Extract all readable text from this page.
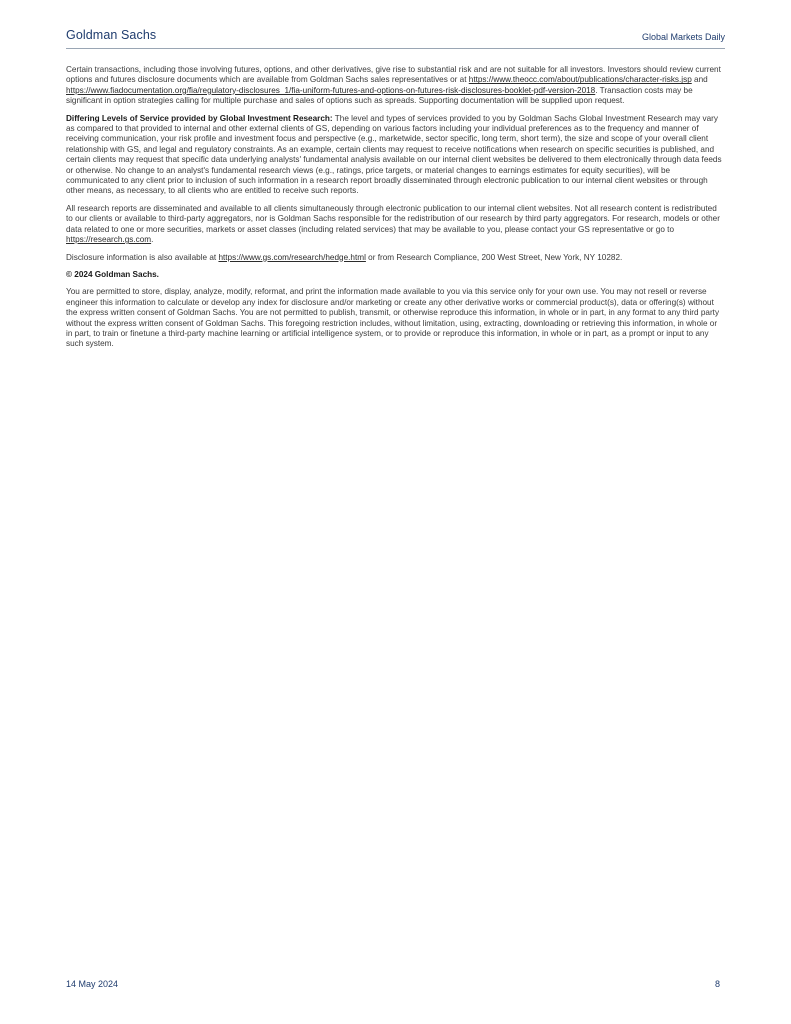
Goldman Sachs	Global Markets Daily

Certain transactions, including those involving futures, options, and other derivatives, give rise to substantial risk and are not suitable for all investors. Investors should review current options and futures disclosure documents which are available from Goldman Sachs sales representatives or at https://www.theocc.com/about/publications/character-risks.jsp and
https://www.fiadocumentation.org/fia/regulatory-disclosures_1/fia-uniform-futures-and-options-on-futures-risk-disclosures-booklet-pdf-version-2018. Transaction costs may be significant in option strategies calling for multiple purchase and sales of options such as spreads. Supporting documentation will be supplied upon request.

Differing Levels of Service provided by Global Investment Research: The level and types of services provided to you by Goldman Sachs Global Investment Research may vary as compared to that provided to internal and other external clients of GS, depending on various factors including your individual preferences as to the frequency and manner of receiving communication, your risk profile and investment focus and perspective (e.g., marketwide, sector specific, long term, short term), the size and scope of your overall client relationship with GS, and legal and regulatory constraints. As an example, certain clients may request to receive notifications when research on specific securities is published, and certain clients may request that specific data underlying analysts' fundamental analysis available on our internal client websites be delivered to them electronically through data feeds or otherwise. No change to an analyst's fundamental research views (e.g., ratings, price targets, or material changes to earnings estimates for equity securities), will be communicated to any client prior to inclusion of such information in a research report broadly disseminated through electronic publication to our internal client websites or through other means, as necessary, to all clients who are entitled to receive such reports.

All research reports are disseminated and available to all clients simultaneously through electronic publication to our internal client websites. Not all research content is redistributed to our clients or available to third-party aggregators, nor is Goldman Sachs responsible for the redistribution of our research by third party aggregators. For research, models or other data related to one or more securities, markets or asset classes (including related services) that may be available to you, please contact your GS representative or go to https://research.gs.com.

Disclosure information is also available at https://www.gs.com/research/hedge.html or from Research Compliance, 200 West Street, New York, NY 10282.

© 2024 Goldman Sachs.

You are permitted to store, display, analyze, modify, reformat, and print the information made available to you via this service only for your own use. You may not resell or reverse engineer this information to calculate or develop any index for disclosure and/or marketing or create any other derivative works or commercial product(s), data or offering(s) without the express written consent of Goldman Sachs. You are not permitted to publish, transmit, or otherwise reproduce this information, in whole or in part, in any format to any third party without the express written consent of Goldman Sachs. This foregoing restriction includes, without limitation, using, extracting, downloading or retrieving this information, in whole or in part, to train or finetune a third-party machine learning or artificial intelligence system, or to provide or reproduce this information, in whole or in part, as a prompt or input to any such system.

14 May 2024	8
